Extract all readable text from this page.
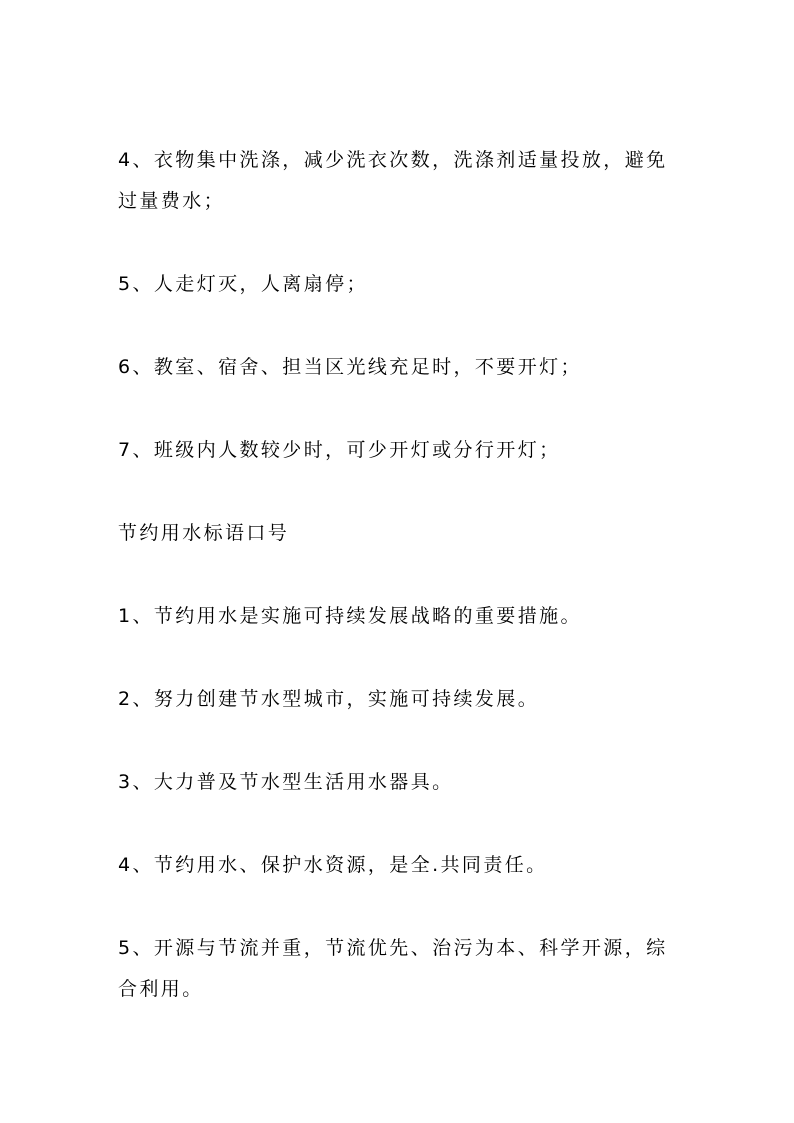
4、衣物集中洗涤，减少洗衣次数，洗涤剂适量投放，避免过量费水；

5、人走灯灭，人离扇停；

6、教室、宿舍、担当区光线充足时，不要开灯；

7、班级内人数较少时，可少开灯或分行开灯；

节约用水标语口号

1、节约用水是实施可持续发展战略的重要措施。

2、努力创建节水型城市，实施可持续发展。

3、大力普及节水型生活用水器具。

4、节约用水、保护水资源，是全.共同责任。

5、开源与节流并重，节流优先、治污为本、科学开源，综合利用。
